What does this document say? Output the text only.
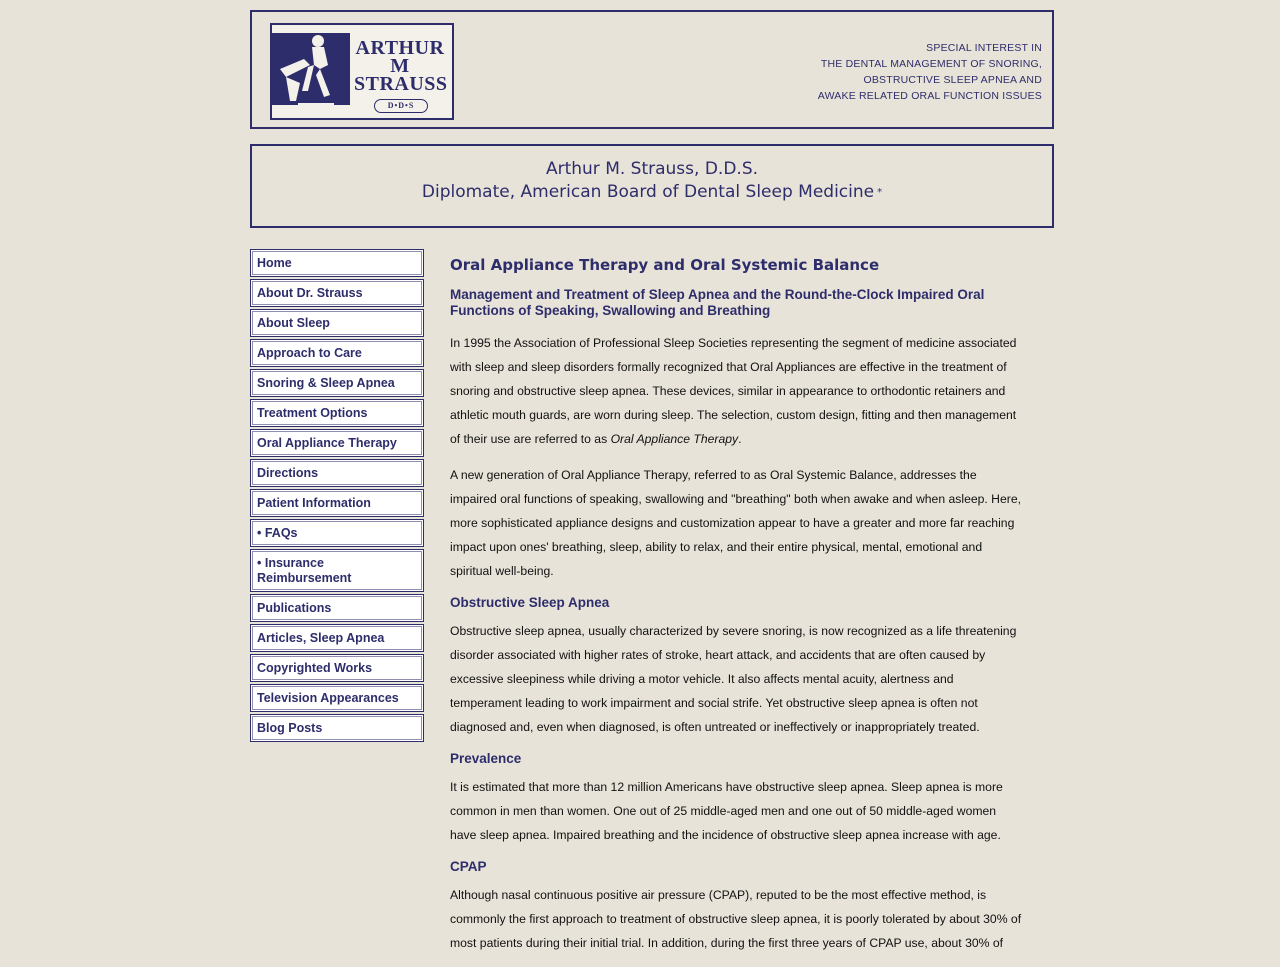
ARTHUR
M
STRAUSS
D•D•S
SPECIAL INTEREST IN
THE DENTAL MANAGEMENT OF SNORING,
OBSTRUCTIVE SLEEP APNEA AND
AWAKE RELATED ORAL FUNCTION ISSUES
Arthur M. Strauss, D.D.S.
Diplomate, American Board of Dental Sleep Medicine *
Home
About Dr. Strauss
About Sleep
Approach to Care
Snoring & Sleep Apnea
Treatment Options
Oral Appliance Therapy
Directions
Patient Information
• FAQs
• Insurance Reimbursement
Publications
Articles, Sleep Apnea
Copyrighted Works
Television Appearances
Blog Posts
Oral Appliance Therapy and Oral Systemic Balance
Management and Treatment of Sleep Apnea and the Round-the-Clock Impaired Oral Functions of Speaking, Swallowing and Breathing

In 1995 the Association of Professional Sleep Societies representing the segment of medicine associated with sleep and sleep disorders formally recognized that Oral Appliances are effective in the treatment of snoring and obstructive sleep apnea. These devices, similar in appearance to orthodontic retainers and athletic mouth guards, are worn during sleep. The selection, custom design, fitting and then management of their use are referred to as Oral Appliance Therapy.

A new generation of Oral Appliance Therapy, referred to as Oral Systemic Balance, addresses the impaired oral functions of speaking, swallowing and "breathing" both when awake and when asleep. Here, more sophisticated appliance designs and customization appear to have a greater and more far reaching impact upon ones' breathing, sleep, ability to relax, and their entire physical, mental, emotional and spiritual well-being.

Obstructive Sleep Apnea

Obstructive sleep apnea, usually characterized by severe snoring, is now recognized as a life threatening disorder associated with higher rates of stroke, heart attack, and accidents that are often caused by excessive sleepiness while driving a motor vehicle. It also affects mental acuity, alertness and temperament leading to work impairment and social strife. Yet obstructive sleep apnea is often not diagnosed and, even when diagnosed, is often untreated or ineffectively or inappropriately treated.

Prevalence

It is estimated that more than 12 million Americans have obstructive sleep apnea. Sleep apnea is more common in men than women. One out of 25 middle-aged men and one out of 50 middle-aged women have sleep apnea. Impaired breathing and the incidence of obstructive sleep apnea increase with age.

CPAP

Although nasal continuous positive air pressure (CPAP), reputed to be the most effective method, is commonly the first approach to treatment of obstructive sleep apnea, it is poorly tolerated by about 30% of most patients during their initial trial. In addition, during the first three years of CPAP use, about 30% of
